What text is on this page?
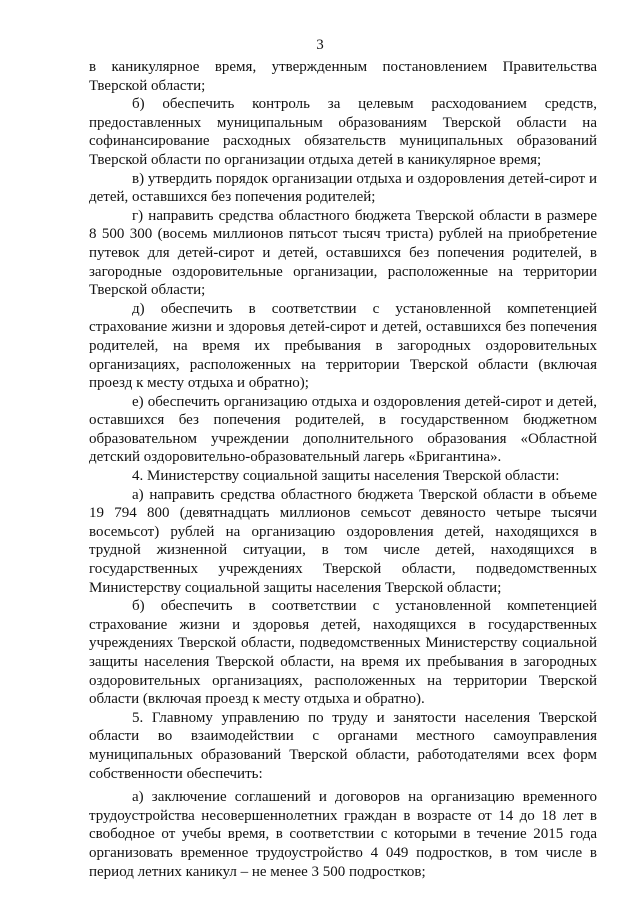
3

в каникулярное время, утвержденным постановлением Правительства Тверской области;

б) обеспечить контроль за целевым расходованием средств, предоставленных муниципальным образованиям Тверской области на софинансирование расходных обязательств муниципальных образований Тверской области по организации отдыха детей в каникулярное время;

в) утвердить порядок организации отдыха и оздоровления детей-сирот и детей, оставшихся без попечения родителей;

г) направить средства областного бюджета Тверской области в размере 8 500 300 (восемь миллионов пятьсот тысяч триста) рублей на приобретение путевок для детей-сирот и детей, оставшихся без попечения родителей, в загородные оздоровительные организации, расположенные на территории Тверской области;

д) обеспечить в соответствии с установленной компетенцией страхование жизни и здоровья детей-сирот и детей, оставшихся без попечения родителей, на время их пребывания в загородных оздоровительных организациях, расположенных на территории Тверской области (включая проезд к месту отдыха и обратно);

е) обеспечить организацию отдыха и оздоровления детей-сирот и детей, оставшихся без попечения родителей, в государственном бюджетном образовательном учреждении дополнительного образования «Областной детский оздоровительно-образовательный лагерь «Бригантина».

4. Министерству социальной защиты населения Тверской области:

а) направить средства областного бюджета Тверской области в объеме 19 794 800 (девятнадцать миллионов семьсот девяносто четыре тысячи восемьсот) рублей на организацию оздоровления детей, находящихся в трудной жизненной ситуации, в том числе детей, находящихся в государственных учреждениях Тверской области, подведомственных Министерству социальной защиты населения Тверской области;

б) обеспечить в соответствии с установленной компетенцией страхование жизни и здоровья детей, находящихся в государственных учреждениях Тверской области, подведомственных Министерству социальной защиты населения Тверской области, на время их пребывания в загородных оздоровительных организациях, расположенных на территории Тверской области (включая проезд к месту отдыха и обратно).

5. Главному управлению по труду и занятости населения Тверской области во взаимодействии с органами местного самоуправления муниципальных образований Тверской области, работодателями всех форм собственности обеспечить:

а) заключение соглашений и договоров на организацию временного трудоустройства несовершеннолетних граждан в возрасте от 14 до 18 лет в свободное от учебы время, в соответствии с которыми в течение 2015 года организовать временное трудоустройство 4 049 подростков, в том числе в период летних каникул – не менее 3 500 подростков;
